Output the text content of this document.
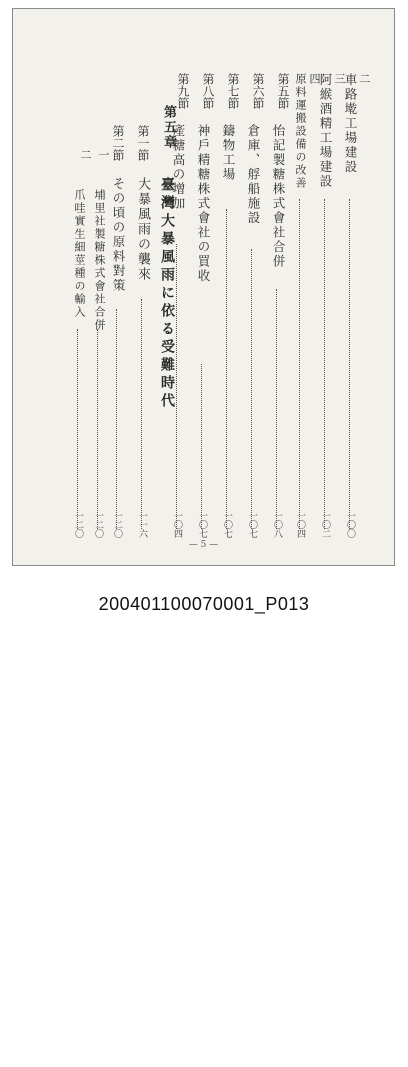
二
車路墘工場建設
一〇〇
三
阿緱酒精工場建設
一〇二
四
原料運搬設備の改善
一〇四
第五節
怡記製糖株式會社合併
一〇八
第六節
倉庫、艀船施設
一〇七
第七節
鑄物工場
一〇七
第八節
神戶精糖株式會社の買收
一〇七
第九節
產糖高の增加
一〇四
第五章
第一節
大暴風雨の襲來
一一六
臺灣大暴風雨に依る受難時代
第二節
その頃の原料對策
一二〇
一
埔里社製糖株式會社合併
一二〇
二
爪哇實生細莖種の輸入
一二〇
— 5 —
200401100070001_P013
